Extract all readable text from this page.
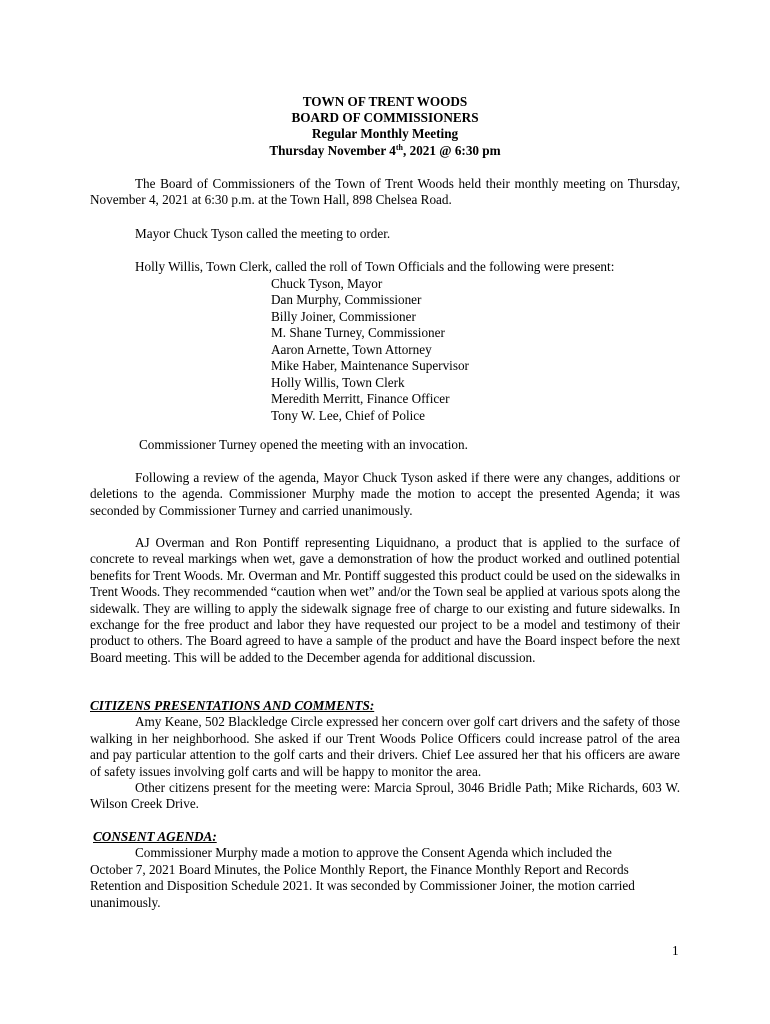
TOWN OF TRENT WOODS
BOARD OF COMMISSIONERS
Regular Monthly Meeting
Thursday November 4th, 2021 @ 6:30 pm
The Board of Commissioners of the Town of Trent Woods held their monthly meeting on Thursday, November 4, 2021 at 6:30 p.m. at the Town Hall, 898 Chelsea Road.
Mayor Chuck Tyson called the meeting to order.
Holly Willis, Town Clerk, called the roll of Town Officials and the following were present:
Chuck Tyson, Mayor
Dan Murphy, Commissioner
Billy Joiner, Commissioner
M. Shane Turney, Commissioner
Aaron Arnette, Town Attorney
Mike Haber, Maintenance Supervisor
Holly Willis, Town Clerk
Meredith Merritt, Finance Officer
Tony W. Lee, Chief of Police
Commissioner Turney opened the meeting with an invocation.
Following a review of the agenda, Mayor Chuck Tyson asked if there were any changes, additions or deletions to the agenda. Commissioner Murphy made the motion to accept the presented Agenda; it was seconded by Commissioner Turney and carried unanimously.
AJ Overman and Ron Pontiff representing Liquidnano, a product that is applied to the surface of concrete to reveal markings when wet, gave a demonstration of how the product worked and outlined potential benefits for Trent Woods. Mr. Overman and Mr. Pontiff suggested this product could be used on the sidewalks in Trent Woods. They recommended “caution when wet” and/or the Town seal be applied at various spots along the sidewalk. They are willing to apply the sidewalk signage free of charge to our existing and future sidewalks. In exchange for the free product and labor they have requested our project to be a model and testimony of their product to others. The Board agreed to have a sample of the product and have the Board inspect before the next Board meeting. This will be added to the December agenda for additional discussion.
CITIZENS PRESENTATIONS AND COMMENTS:
Amy Keane, 502 Blackledge Circle expressed her concern over golf cart drivers and the safety of those walking in her neighborhood. She asked if our Trent Woods Police Officers could increase patrol of the area and pay particular attention to the golf carts and their drivers. Chief Lee assured her that his officers are aware of safety issues involving golf carts and will be happy to monitor the area.
Other citizens present for the meeting were: Marcia Sproul, 3046 Bridle Path; Mike Richards, 603 W. Wilson Creek Drive.
CONSENT AGENDA:
Commissioner Murphy made a motion to approve the Consent Agenda which included the October 7, 2021 Board Minutes, the Police Monthly Report, the Finance Monthly Report and Records Retention and Disposition Schedule 2021. It was seconded by Commissioner Joiner, the motion carried unanimously.
1
